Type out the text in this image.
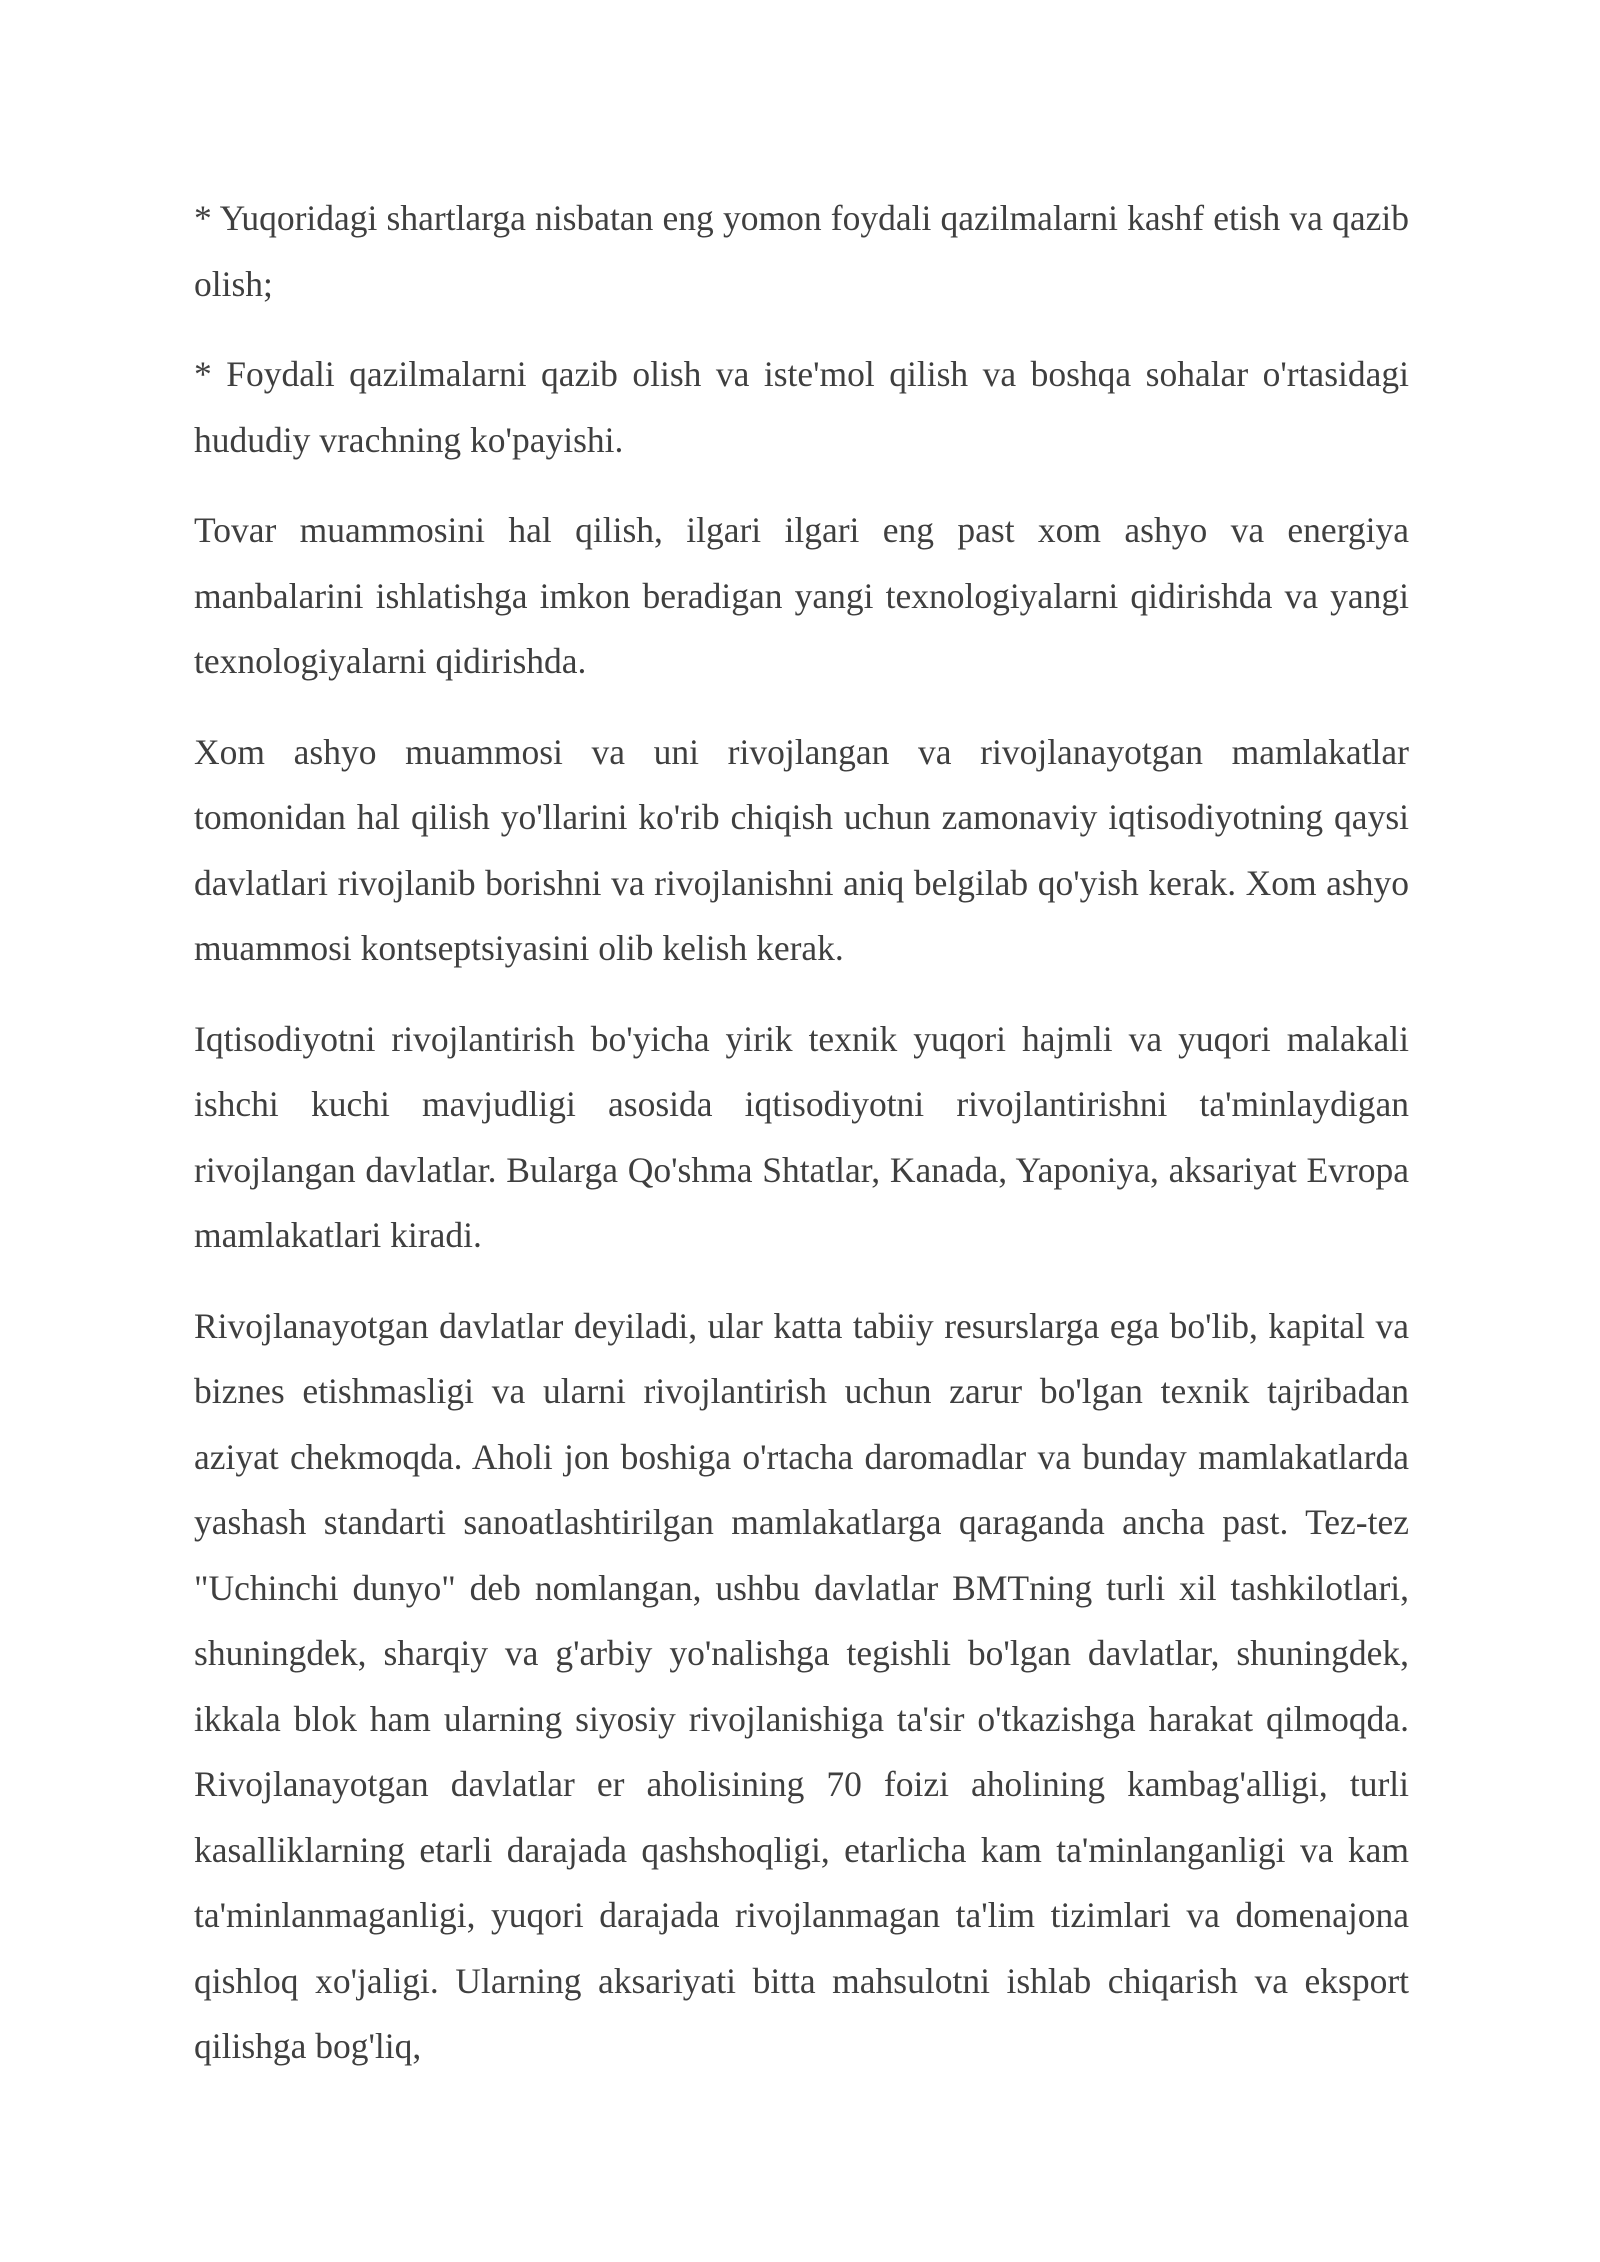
* Yuqoridagi shartlarga nisbatan eng yomon foydali qazilmalarni kashf etish va qazib olish;

* Foydali qazilmalarni qazib olish va iste'mol qilish va boshqa sohalar o'rtasidagi hududiy vrachning ko'payishi.

Tovar muammosini hal qilish, ilgari ilgari eng past xom ashyo va energiya manbalarini ishlatishga imkon beradigan yangi texnologiyalarni qidirishda va yangi texnologiyalarni qidirishda.

Xom ashyo muammosi va uni rivojlangan va rivojlanayotgan mamlakatlar tomonidan hal qilish yo'llarini ko'rib chiqish uchun zamonaviy iqtisodiyotning qaysi davlatlari rivojlanib borishni va rivojlanishni aniq belgilab qo'yish kerak. Xom ashyo muammosi kontseptsiyasini olib kelish kerak.

Iqtisodiyotni rivojlantirish bo'yicha yirik texnik yuqori hajmli va yuqori malakali ishchi kuchi mavjudligi asosida iqtisodiyotni rivojlantirishni ta'minlaydigan rivojlangan davlatlar. Bularga Qo'shma Shtatlar, Kanada, Yaponiya, aksariyat Evropa mamlakatlari kiradi.

Rivojlanayotgan davlatlar deyiladi, ular katta tabiiy resurslarga ega bo'lib, kapital va biznes etishmasligi va ularni rivojlantirish uchun zarur bo'lgan texnik tajribadan aziyat chekmoqda. Aholi jon boshiga o'rtacha daromadlar va bunday mamlakatlarda yashash standarti sanoatlashtirilgan mamlakatlarga qaraganda ancha past. Tez-tez "Uchinchi dunyo" deb nomlangan, ushbu davlatlar BMTning turli xil tashkilotlari, shuningdek, sharqiy va g'arbiy yo'nalishga tegishli bo'lgan davlatlar, shuningdek, ikkala blok ham ularning siyosiy rivojlanishiga ta'sir o'tkazishga harakat qilmoqda. Rivojlanayotgan davlatlar er aholisining 70 foizi aholining kambag'alligi, turli kasalliklarning etarli darajada qashshoqligi, etarlicha kam ta'minlanganligi va kam ta'minlanmaganligi, yuqori darajada rivojlanmagan ta'lim tizimlari va domenajona qishloq xo'jaligi. Ularning aksariyati bitta mahsulotni ishlab chiqarish va eksport qilishga bog'liq,
